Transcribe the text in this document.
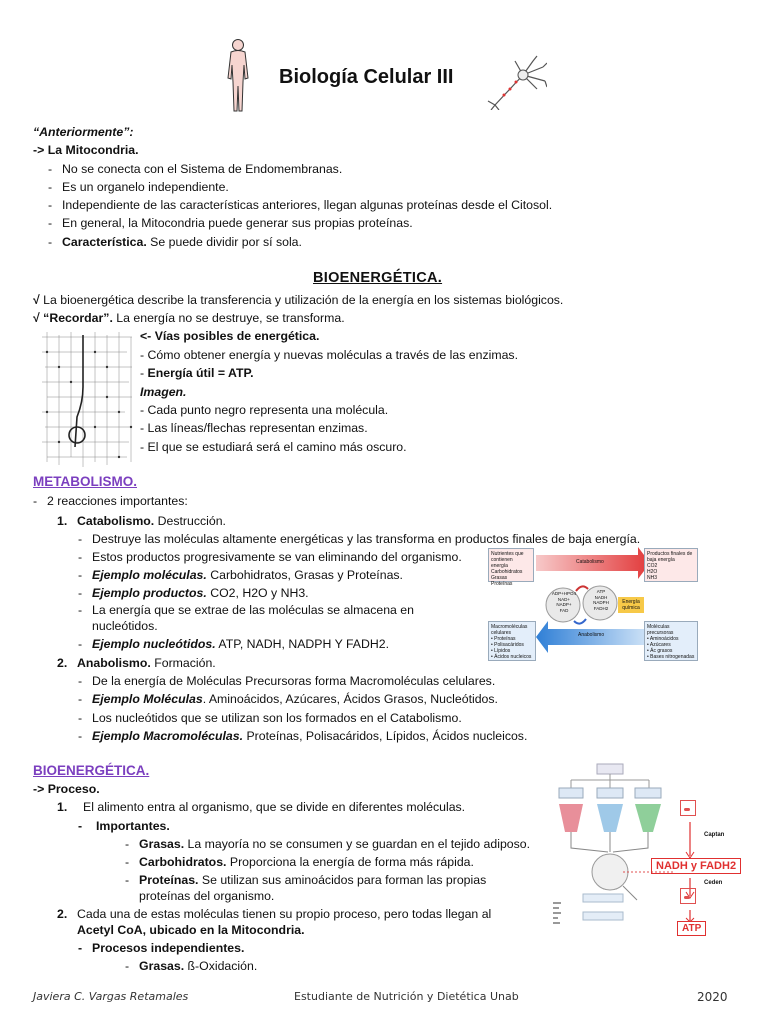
Biología Celular III
“Anteriormente”:
-> La Mitocondria.
- No se conecta con el Sistema de Endomembranas.
- Es un organelo independiente.
- Independiente de las características anteriores, llegan algunas proteínas desde el Citosol.
- En general, la Mitocondria puede generar sus propias proteínas.
- Característica. Se puede dividir por sí sola.
BIOENERGÉTICA.
√ La bioenergética describe la transferencia y utilización de la energía en los sistemas biológicos.
√ “Recordar”. La energía no se destruye, se transforma.
<- Vías posibles de energética.
- Cómo obtener energía y nuevas moléculas a través de las enzimas.
- Energía útil = ATP.
Imagen.
- Cada punto negro representa una molécula.
- Las líneas/flechas representan enzimas.
- El que se estudiará será el camino más oscuro.
METABOLISMO.
- 2 reacciones importantes:
1. Catabolismo. Destrucción.
- Destruye las moléculas altamente energéticas y las transforma en productos finales de baja energía.
- Estos productos progresivamente se van eliminando del organismo.
- Ejemplo moléculas. Carbohidratos, Grasas y Proteínas.
- Ejemplo productos. CO2, H2O y NH3.
- La energía que se extrae de las moléculas se almacena en
nucleótidos.
- Ejemplo nucleótidos. ATP, NADH, NADPH Y FADH2.
2. Anabolismo. Formación.
- De la energía de Moléculas Precursoras forma Macromoléculas celulares.
- Ejemplo Moléculas. Aminoácidos, Azúcares, Ácidos Grasos, Nucleótidos.
- Los nucleótidos que se utilizan son los formados en el Catabolismo.
- Ejemplo Macromoléculas. Proteínas, Polisacáridos, Lípidos, Ácidos nucleicos.
Nutrientes que contienen energía
Carbohidratos
Grasas
Proteínas
Catabolismo
Productos finales de baja energía
CO2
H2O
NH3
ADP+HPO4
NAD+
NADP+
FAD
ATP
NADH
NADPH
FADH2
Energía química
Macromoléculas celulares
• Proteínas
• Polisacáridos
• Lípidos
• Ácidos nucleicos
Anabolismo
Moléculas precursoras
• Aminoácidos
• Azúcares
• Ác grasos
• Bases nitrogenadas
BIOENERGÉTICA.
-> Proceso.
1. El alimento entra al organismo, que se divide en diferentes moléculas.
- Importantes.
- Grasas. La mayoría no se consumen y se guardan en el tejido adiposo.
- Carbohidratos. Proporciona la energía de forma más rápida.
- Proteínas. Se utilizan sus aminoácidos para forman las propias
proteínas del organismo.
2. Cada una de estas moléculas tienen su propio proceso, pero todas llegan al
Acetyl CoA, ubicado en la Mitocondria.
- Procesos independientes.
- Grasas. ß-Oxidación.
Captan
NADH y FADH2
Ceden
ATP
Javiera C. Vargas Retamales	Estudiante de Nutrición y Dietética Unab	2020
